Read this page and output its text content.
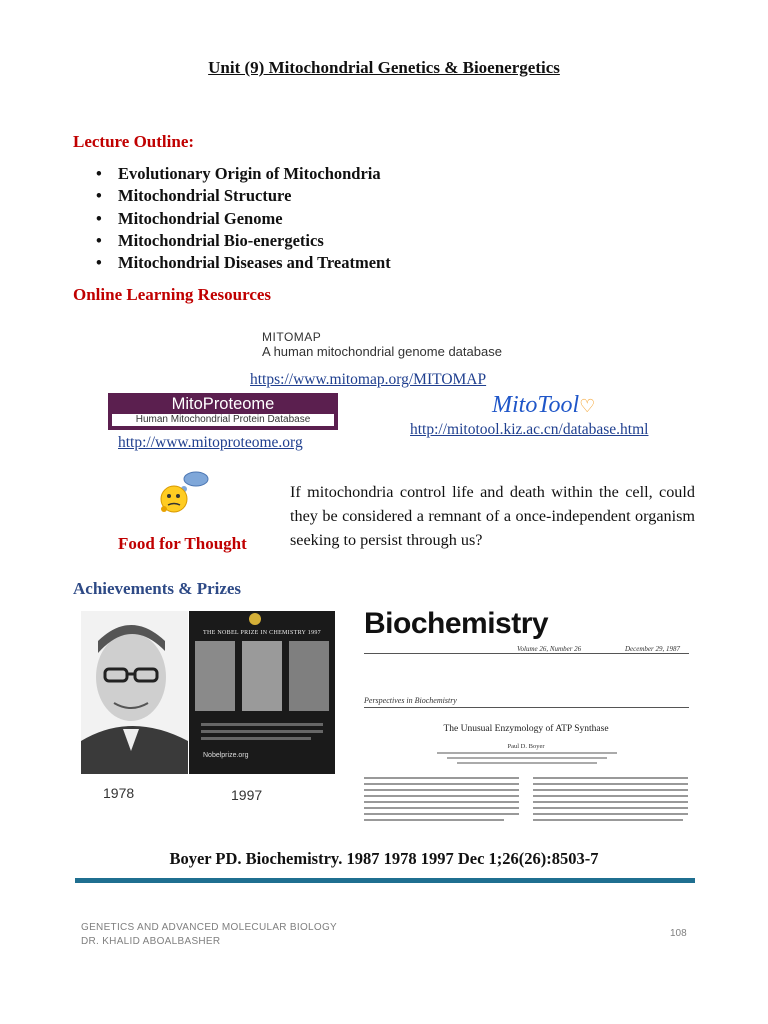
Unit (9) Mitochondrial Genetics & Bioenergetics
Lecture Outline:
• Evolutionary Origin of Mitochondria
• Mitochondrial Structure
• Mitochondrial Genome
• Mitochondrial Bio-energetics
• Mitochondrial Diseases and Treatment
Online Learning Resources
MITOMAP
A human mitochondrial genome database
https://www.mitomap.org/MITOMAP
MitoProteome
Human Mitochondrial Protein Database
http://www.mitoproteome.org
MitoTool♡
http://mitotool.kiz.ac.cn/database.html
Food for Thought
If mitochondria control life and death within the cell, could they be considered a remnant of a once-independent organism seeking to persist through us?
Achievements & Prizes
THE NOBEL PRIZE IN CHEMISTRY 1997
Nobelprize.org
1978	1997
Biochemistry
Volume 26, Number 26	December 29, 1987
Perspectives in Biochemistry
The Unusual Enzymology of ATP Synthase
Paul D. Boyer
Boyer PD. Biochemistry. 1987 1978 1997 Dec 1;26(26):8503-7
GENETICS AND ADVANCED MOLECULAR BIOLOGY
DR. KHALID ABOALBASHER
108
